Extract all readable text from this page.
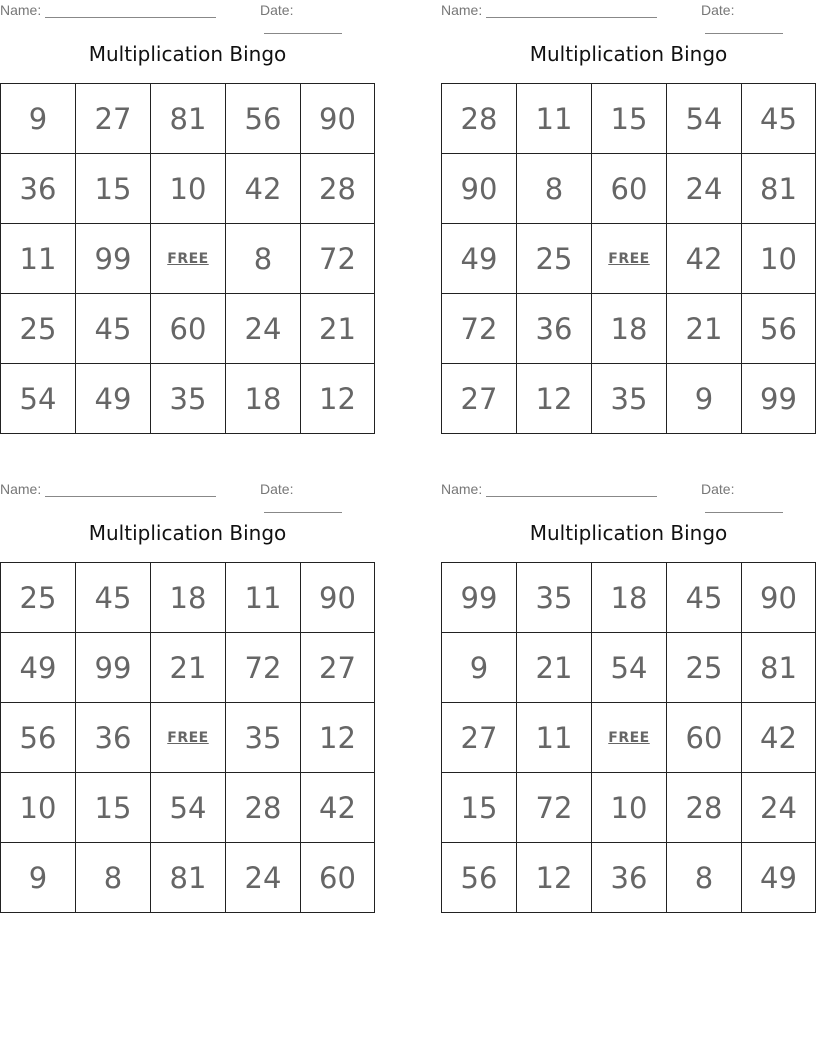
Name:	Date:
Multiplication Bingo
9	27	81	56	90
36	15	10	42	28
11	99	FREE	8	72
25	45	60	24	21
54	49	35	18	12
Name:	Date:
Multiplication Bingo
28	11	15	54	45
90	8	60	24	81
49	25	FREE	42	10
72	36	18	21	56
27	12	35	9	99
Name:	Date:
Multiplication Bingo
25	45	18	11	90
49	99	21	72	27
56	36	FREE	35	12
10	15	54	28	42
9	8	81	24	60
Name:	Date:
Multiplication Bingo
99	35	18	45	90
9	21	54	25	81
27	11	FREE	60	42
15	72	10	28	24
56	12	36	8	49
